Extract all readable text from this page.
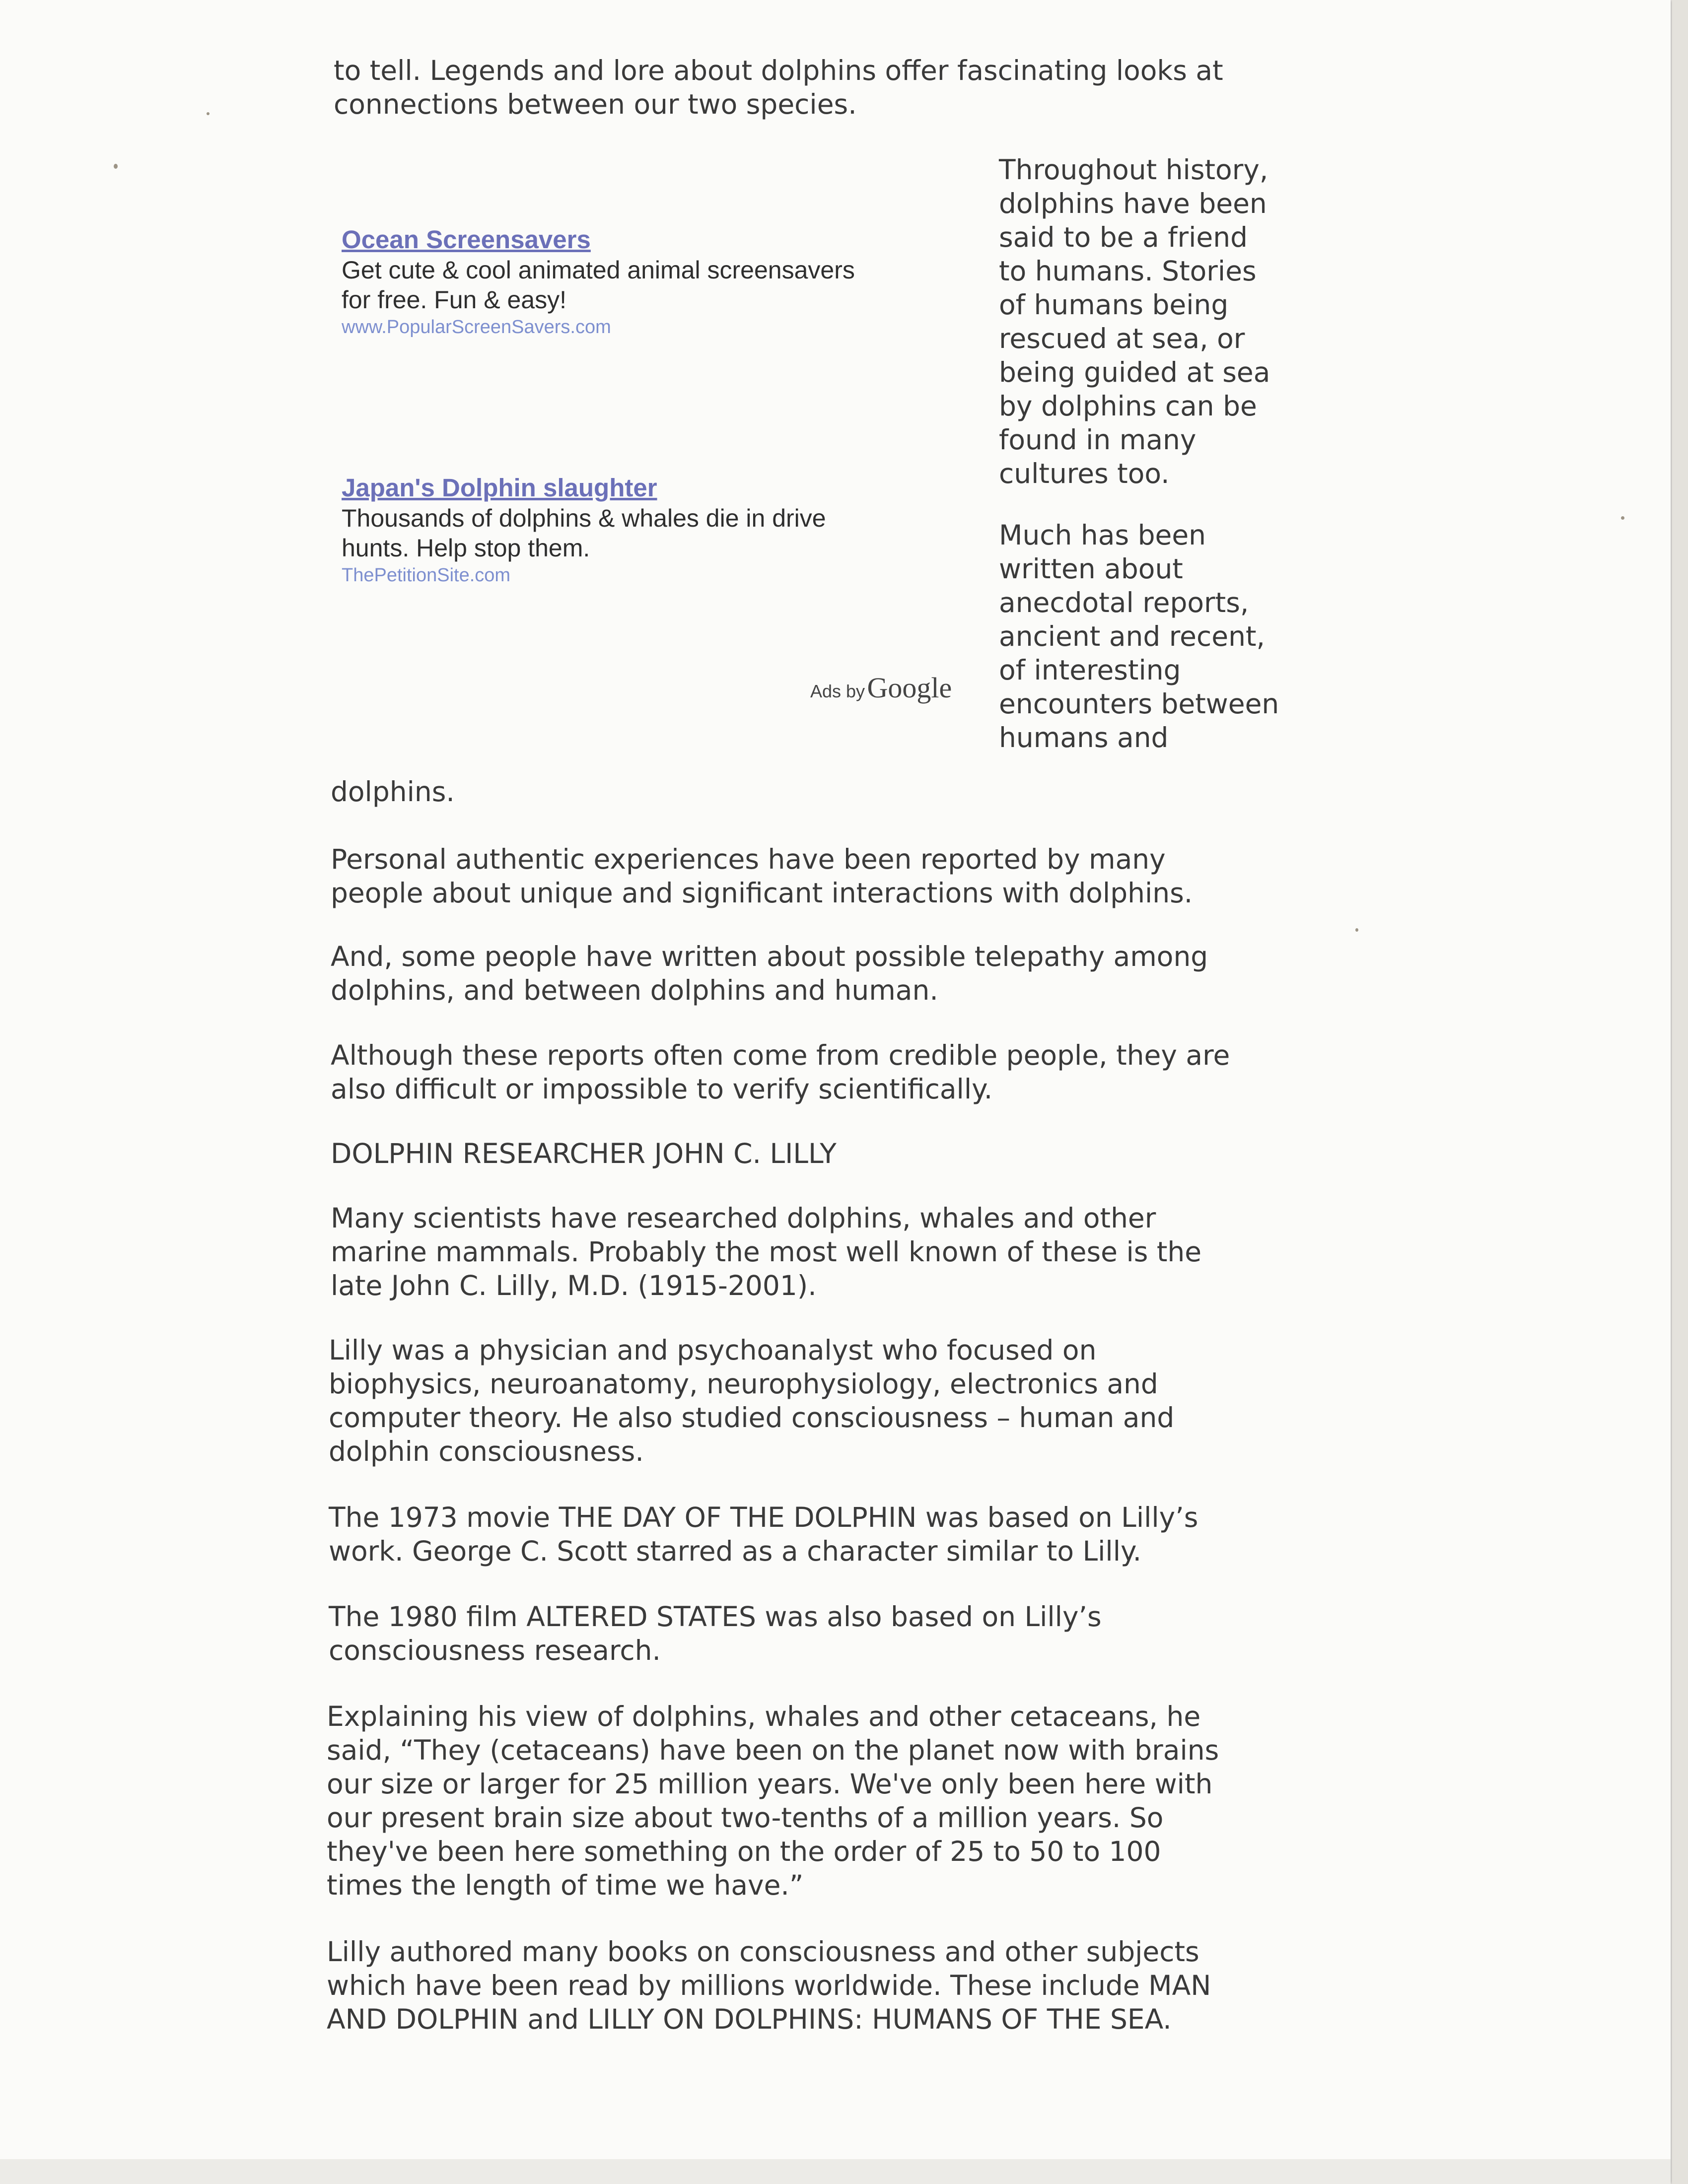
to tell. Legends and lore about dolphins offer fascinating looks at
connections between our two species.

Ocean Screensavers
Get cute & cool animated animal screensavers
for free. Fun & easy!
www.PopularScreenSavers.com
Japan's Dolphin slaughter
Thousands of dolphins & whales die in drive
hunts. Help stop them.
ThePetitionSite.com
Ads by Google

Throughout history,
dolphins have been
said to be a friend
to humans. Stories
of humans being
rescued at sea, or
being guided at sea
by dolphins can be
found in many
cultures too.

Much has been
written about
anecdotal reports,
ancient and recent,
of interesting
encounters between
humans and

dolphins.

Personal authentic experiences have been reported by many
people about unique and significant interactions with dolphins.

And, some people have written about possible telepathy among
dolphins, and between dolphins and human.

Although these reports often come from credible people, they are
also difficult or impossible to verify scientifically.

DOLPHIN RESEARCHER JOHN C. LILLY

Many scientists have researched dolphins, whales and other
marine mammals. Probably the most well known of these is the
late John C. Lilly, M.D. (1915-2001).

Lilly was a physician and psychoanalyst who focused on
biophysics, neuroanatomy, neurophysiology, electronics and
computer theory. He also studied consciousness – human and
dolphin consciousness.

The 1973 movie THE DAY OF THE DOLPHIN was based on Lilly’s
work. George C. Scott starred as a character similar to Lilly.

The 1980 film ALTERED STATES was also based on Lilly’s
consciousness research.

Explaining his view of dolphins, whales and other cetaceans, he
said, “They (cetaceans) have been on the planet now with brains
our size or larger for 25 million years. We've only been here with
our present brain size about two-tenths of a million years. So
they've been here something on the order of 25 to 50 to 100
times the length of time we have.”

Lilly authored many books on consciousness and other subjects
which have been read by millions worldwide. These include MAN
AND DOLPHIN and LILLY ON DOLPHINS: HUMANS OF THE SEA.
